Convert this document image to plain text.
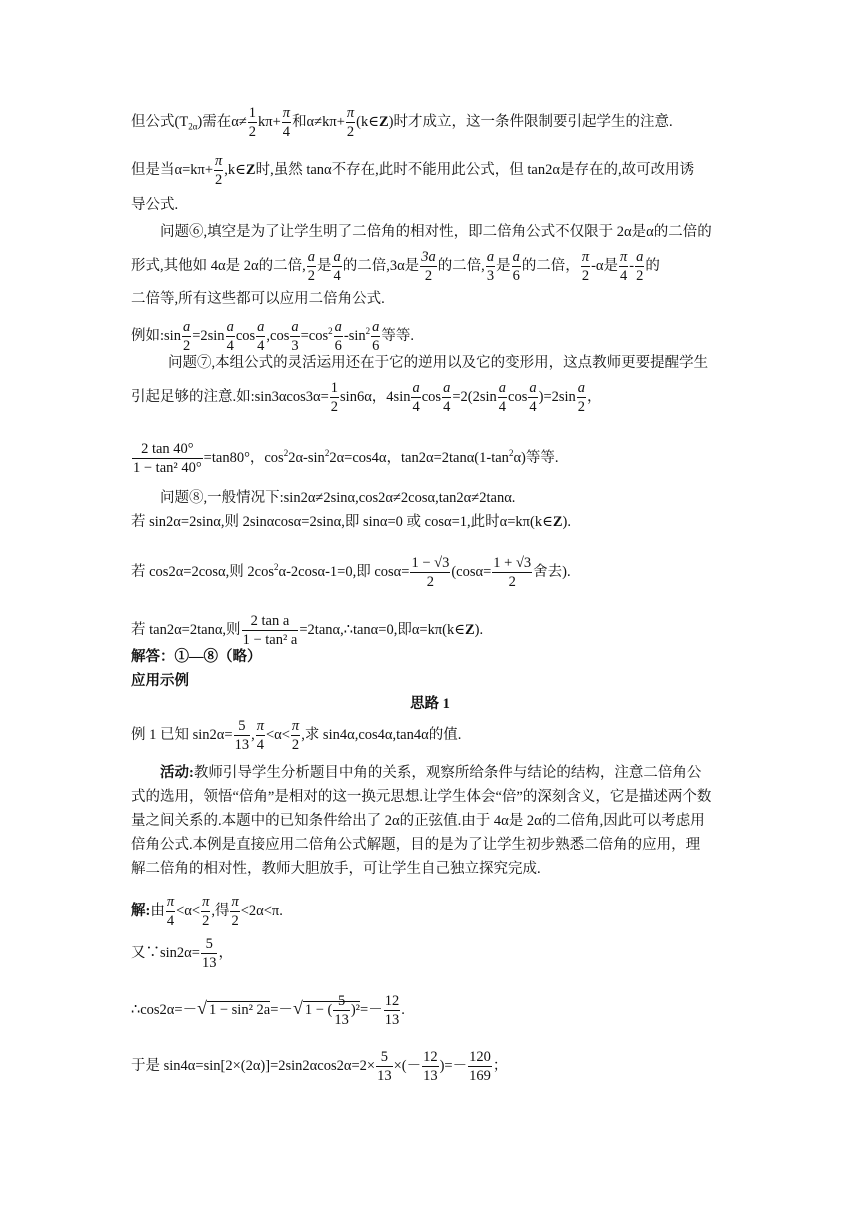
但公式$(T_{2\alpha})$需在$\alpha\ne \frac{1}{2} k\pi+ \frac{\pi}{4}$ 和$\alpha\ne k\pi+ \frac{\pi}{2}$ (k∈Z)时才成立，这一条件限制要引起学生的注意.
但是当$\alpha=k\pi+ \frac{\pi}{2}$ ,k∈Z时,虽然 tanα不存在,此时不能用此公式，但 tan2α是存在的,故可改用诱
导公式.
问题⑥,填空是为了让学生明了二倍角的相对性，即二倍角公式不仅限于 2α是α的二倍的
形式,其他如 4α是 2α的二倍, $\frac{a}{2}$ 是 $\frac{a}{4}$ 的二倍,3α是 $\frac{3a}{2}$ 的二倍, $\frac{a}{3}$ 是 $\frac{a}{6}$ 的二倍， $\frac{\pi}{2} -\alpha$是 $\frac{\pi}{4} - \frac{a}{2}$ 的
二倍等,所有这些都可以应用二倍角公式.
例如:sin $\frac{a}{2} =2\sin \frac{a}{4}$ $\cos \frac{a}{4} ,\cos \frac{a}{3} =\cos^2 \frac{a}{6} -\sin^2 \frac{a}{6}$ 等等.
问题⑦,本组公式的灵活运用还在于它的逆用以及它的变形用，这点教师更要提醒学生
引起足够的注意.如:sin3αcos3α= $\frac{1}{2} \sin 6\alpha$，$4\sin \frac{a}{4}$ $\cos \frac{a}{4} =2(2\sin \frac{a}{4}$ $\cos \frac{a}{4} )=2\sin \frac{a}{2}$ ，
$\frac{2 \tan 40^\circ}{\text{1 − tan² 40°}} =\tan 80^\circ$，$\cos^22\alpha-\sin^22\alpha=\cos 4\alpha$，$\tan 2\alpha=2\tan\alpha(1-\tan^2\alpha)$等等.
问题⑧,一般情况下:sin2α≠2sinα,cos2α≠2cosα,tan2α≠2tanα.
若 sin2α=2sinα,则 2sinαcosα=2sinα,即 sinα=0 或 cosα=1,此时α=kπ(k∈Z).
若 cos2α=2cosα,则 $2\cos^2\alpha-2\cos\alpha-1=0$,即 $\cos\alpha= \frac{1 - √3}{2} (\cos\alpha= \frac{1 + √3}{2}$ 舍去).
若 tan2α=2tanα,则 $\frac{\text{2 tan a}}{\text{1 − tan² a}}$ =2tanα,∴tanα=0,即α=kπ(k∈Z).
解答：①—⑧（略）
应用示例
思路 1
例 1 已知 $\sin 2\alpha= \frac{5}{13}$ , $\frac{\pi}{4} <\alpha< \frac{\pi}{2}$ ,求 sin4α,cos4α,tan4α的值.
活动:教师引导学生分析题目中角的关系，观察所给条件与结论的结构，注意二倍角公
式的选用，领悟“倍角”是相对的这一换元思想.让学生体会“倍”的深刻含义，它是描述两个数
量之间关系的.本题中的已知条件给出了 2α的正弦值.由于 4α是 2α的二倍角,因此可以考虑用
倍角公式.本例是直接应用二倍角公式解题，目的是为了让学生初步熟悉二倍角的应用，理
解二倍角的相对性，教师大胆放手，可让学生自己独立探究完成.
解:由 $\frac{\pi}{4} <\alpha< \frac{\pi}{2}$ ,得 $\frac{\pi}{2} <2\alpha<\pi$.
又∵sin2α= $\frac{5}{13}$ ，
∴cos2α=－√ 1 − sin² 2a=－√ 1 − ( $\frac{5}{13} )^2=- \frac{12}{13}$ .
于是 $\sin 4\alpha=\sin[2\times(2\alpha)]=2\sin 2\alpha\cos 2\alpha=2\times \frac{5}{13}$ ×(－ $\frac{12}{13}$ )=－ $\frac{120}{169}$ ；
